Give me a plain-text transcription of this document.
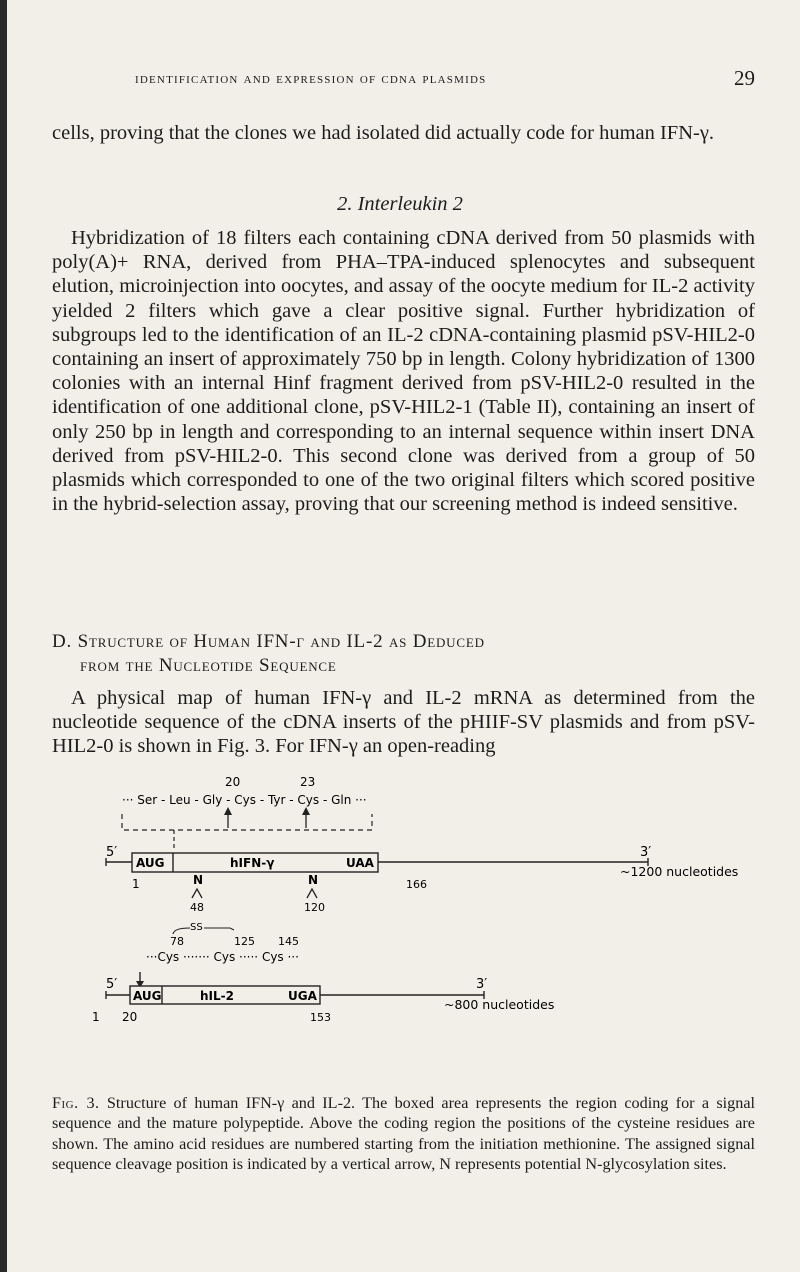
identification and expression of cdna plasmids	29

cells, proving that the clones we had isolated did actually code for human IFN-γ.

2. Interleukin 2

Hybridization of 18 filters each containing cDNA derived from 50 plasmids with poly(A)+ RNA, derived from PHA–TPA-induced splenocytes and subsequent elution, microinjection into oocytes, and assay of the oocyte medium for IL-2 activity yielded 2 filters which gave a clear positive signal. Further hybridization of subgroups led to the identification of an IL-2 cDNA-containing plasmid pSV-HIL2-0 containing an insert of approximately 750 bp in length. Colony hybridization of 1300 colonies with an internal Hinf fragment derived from pSV-HIL2-0 resulted in the identification of one additional clone, pSV-HIL2-1 (Table II), containing an insert of only 250 bp in length and corresponding to an internal sequence within insert DNA derived from pSV-HIL2-0. This second clone was derived from a group of 50 plasmids which corresponded to one of the two original filters which scored positive in the hybrid-selection assay, proving that our screening method is indeed sensitive.

D. Structure of Human IFN-γ and IL-2 as Deduced
from the Nucleotide Sequence

A physical map of human IFN-γ and IL-2 mRNA as determined from the nucleotide sequence of the cDNA inserts of the pHIIF-SV plasmids and from pSV-HIL2-0 is shown in Fig. 3. For IFN-γ an open-reading

20	23
··· Ser - Leu - Gly - Cys - Tyr - Cys - Gln ···
5′	3′
AUG	hIFN-γ	UAA
1	N
48
N
120
166
~1200 nucleotides
SS
78	125 145
···Cys ······· Cys ····· Cys ···
5′	3′
AUG	hIL-2	UGA
1 20	153
~800 nucleotides
Fig. 3. Structure of human IFN-γ and IL-2. The boxed area represents the region coding for a signal sequence and the mature polypeptide. Above the coding region the positions of the cysteine residues are shown. The amino acid residues are numbered starting from the initiation methionine. The assigned signal sequence cleavage position is indicated by a vertical arrow, N represents potential N-glycosylation sites.
